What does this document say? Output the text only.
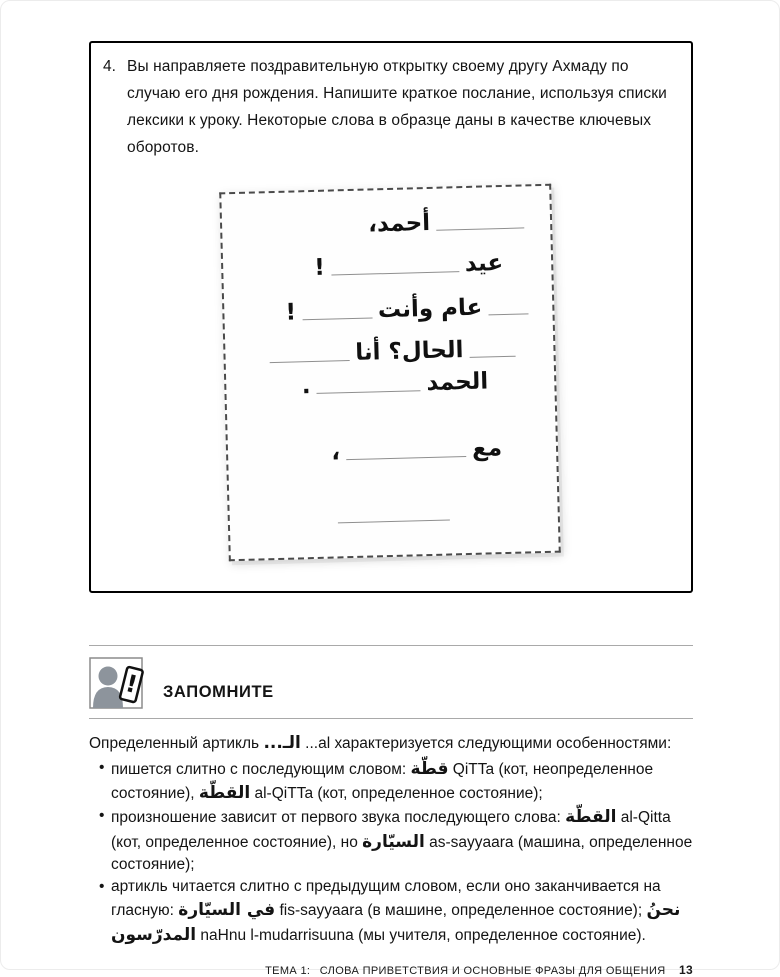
4. Вы направляете поздравительную открытку своему другу Ахмаду по случаю его дня рождения. Напишите краткое послание, используя списки лексики к уроку. Некоторые слова в образце даны в качестве ключевых оборотов.
أحمد،
عيد
!
عام وأنت
!
الحال؟ أنا
الحمد
.
مع
،
! ЗАПОМНИТЕ
Определенный артикль الـ... ...al характеризуется следующими особенностями:
• пишется слитно с последующим словом: قطّة QiTTa (кот, неопределенное состояние), القطّة al-QiTTa (кот, определенное состояние);
• произношение зависит от первого звука последующего слова: القطّة al-Qitta (кот, определенное состояние), но السيّارة as-sayyaara (машина, определенное состояние);
• артикль читается слитно с предыдущим словом, если оно заканчивается на гласную: في السيّارة fis-sayyaara (в машине, определенное состояние); نحنُ المدرّسون naHnu l-mudarrisuuna (мы учителя, определенное состояние).
ТЕМА 1: СЛОВА ПРИВЕТСТВИЯ И ОСНОВНЫЕ ФРАЗЫ ДЛЯ ОБЩЕНИЯ 13
